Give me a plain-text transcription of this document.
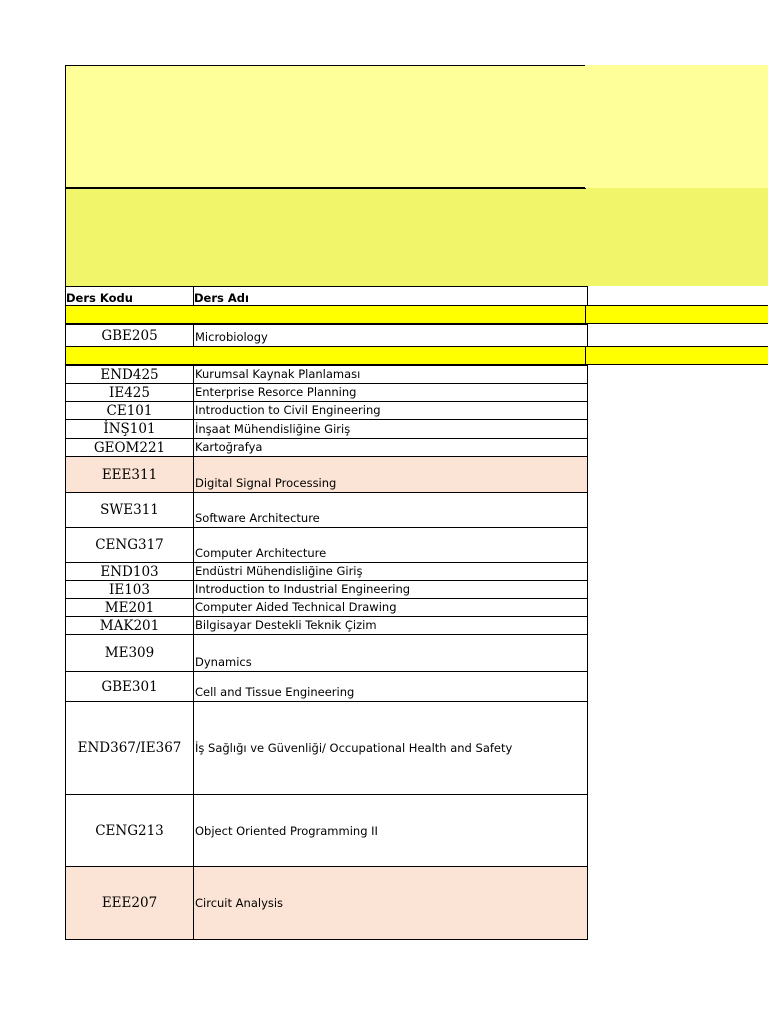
Ders Kodu	Ders Adı

GBE205	Microbiology

END425	Kurumsal Kaynak Planlaması
IE425	Enterprise Resorce Planning
CE101	Introduction to Civil Engineering
İNŞ101	İnşaat Mühendisliğine Giriş
GEOM221	Kartoğrafya
EEE311	Digital Signal Processing
SWE311	Software Architecture
CENG317	Computer Architecture
END103	Endüstri Mühendisliğine Giriş
IE103	Introduction to Industrial Engineering
ME201	Computer Aided Technical Drawing
MAK201	Bilgisayar Destekli Teknik Çizim
ME309	Dynamics
GBE301	Cell and Tissue Engineering
END367/IE367	İş Sağlığı ve Güvenliği/ Occupational Health and Safety
CENG213	Object Oriented Programming II
EEE207	Circuit Analysis
